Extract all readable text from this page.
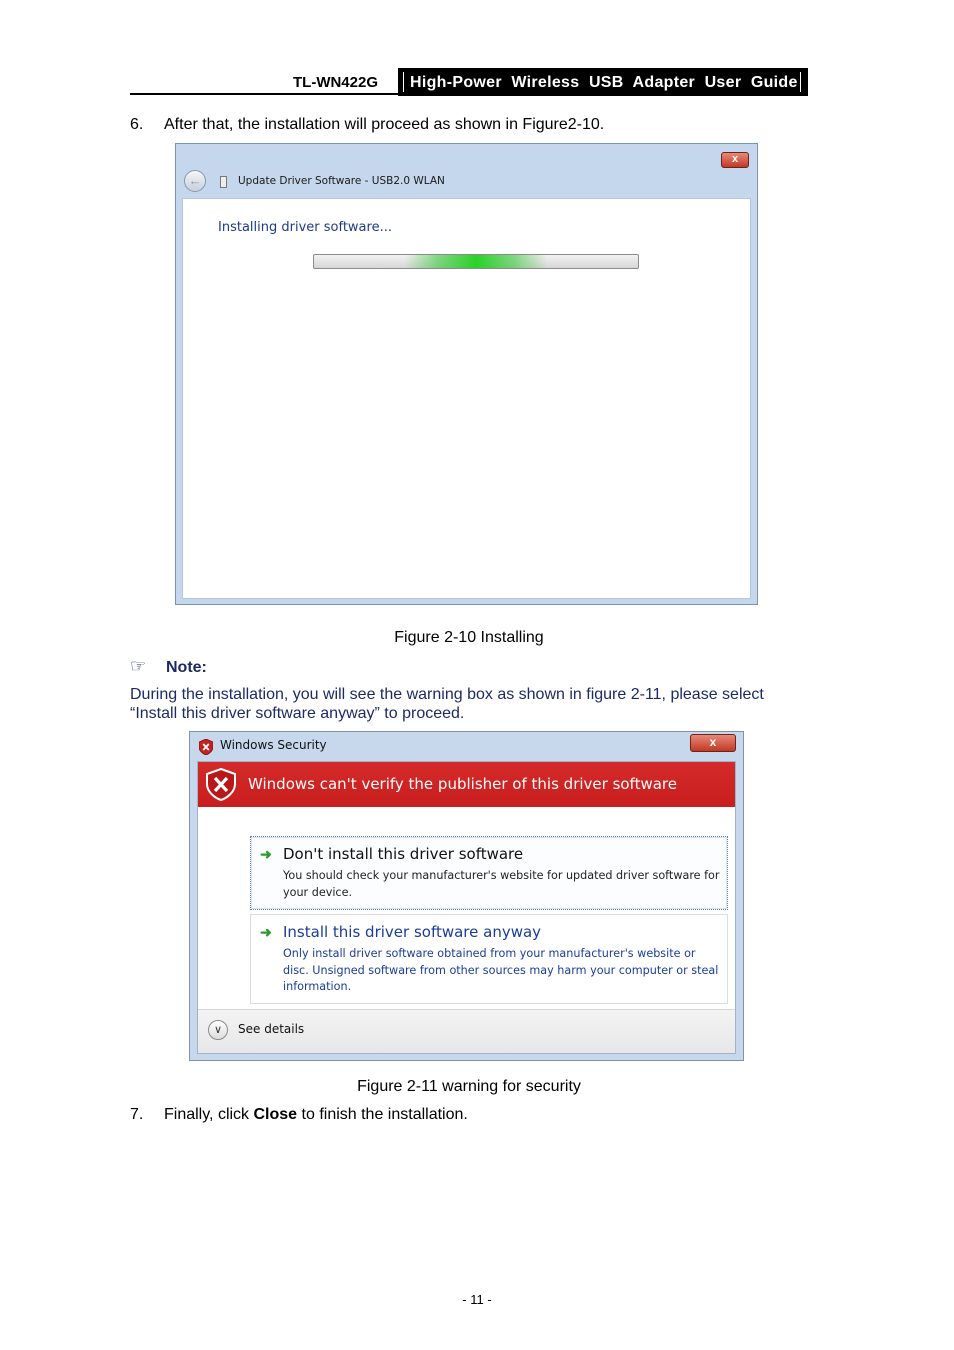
TL-WN422G	High-Power  Wireless  USB  Adapter  User  Guide
6. After that, the installation will proceed as shown in Figure2-10.
x
←	Update Driver Software - USB2.0 WLAN
Installing driver software...
Figure 2-10 Installing
☞ Note:
During the installation, you will see the warning box as shown in figure 2-11, please select
“Install this driver software anyway” to proceed.
Windows Security	x
Windows can't verify the publisher of this driver software
➜ Don't install this driver software
You should check your manufacturer's website for updated driver software for your device.
➜ Install this driver software anyway
Only install driver software obtained from your manufacturer's website or disc. Unsigned software from other sources may harm your computer or steal information.
∨	See details
Figure 2-11 warning for security
7. Finally, click Close to finish the installation.
- 11 -
